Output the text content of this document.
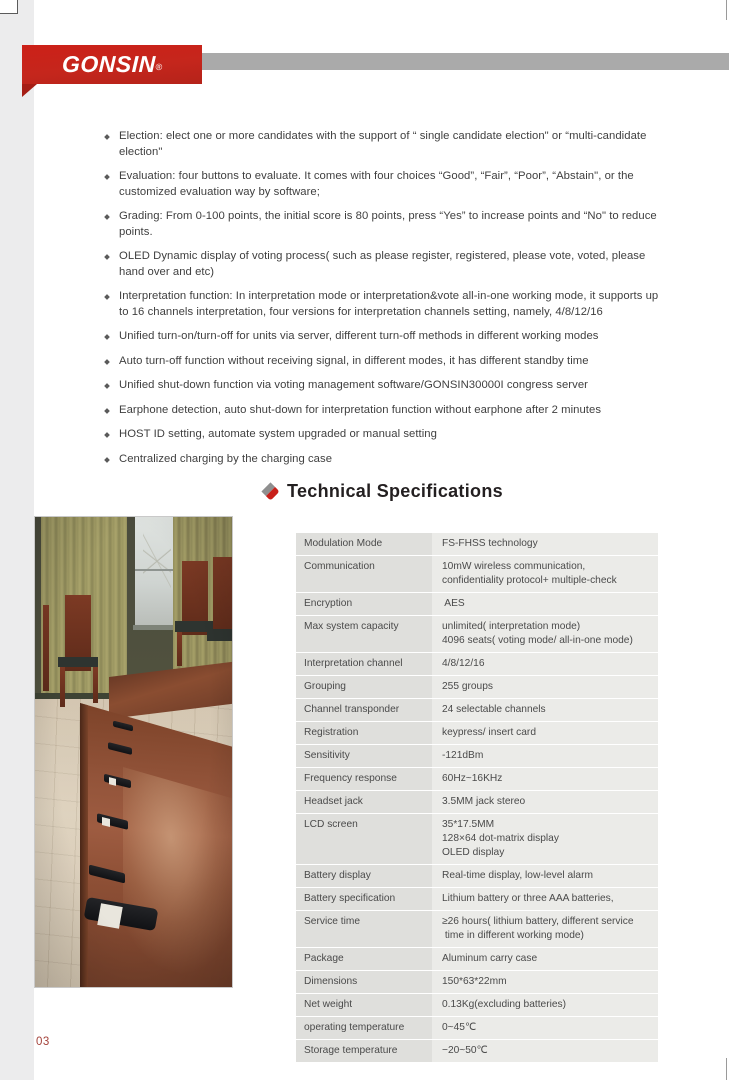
GONSIN®
Election: elect one or more candidates with the support of “ single candidate election" or “multi-candidate election"
Evaluation: four buttons to evaluate. It comes with four choices “Good”, “Fair”, “Poor”, “Abstain", or the customized evaluation way by software;
Grading: From 0-100 points, the initial score is 80 points, press “Yes” to increase points and “No" to reduce points.
OLED Dynamic display of voting process( such as please register, registered, please vote, voted, please hand over and etc)
Interpretation function: In interpretation mode or interpretation&vote all-in-one working mode, it supports up to 16 channels interpretation, four versions for interpretation channels setting, namely, 4/8/12/16
Unified turn-on/turn-off for units via server, different turn-off methods in different working modes
Auto turn-off function without receiving signal, in different modes, it has different standby time
Unified shut-down function via voting management software/GONSIN30000I congress server
Earphone detection, auto shut-down for interpretation function without earphone after 2 minutes
HOST ID setting, automate system upgraded or manual setting
Centralized charging by the charging case
Technical Specifications
Modulation Mode	FS-FHSS technology

Communication	10mW wireless communication,
confidentiality protocol+ multiple-check

Encryption	AES

Max system capacity	unlimited( interpretation mode)
4096 seats( voting mode/ all-in-one mode)

Interpretation channel	4/8/12/16

Grouping	255 groups

Channel transponder	24 selectable channels

Registration	keypress/ insert card

Sensitivity	-121dBm

Frequency response	60Hz~16KHz

Headset jack	3.5MM jack stereo

LCD screen	35*17.5MM
128×64 dot-matrix display
OLED display

Battery display	Real-time display, low-level alarm

Battery specification	Lithium battery or three AAA batteries,

Service time	≥26 hours( lithium battery, different service
time in different working mode)

Package	Aluminum carry case

Dimensions	150*63*22mm

Net weight	0.13Kg(excluding batteries)

operating temperature	0~45℃

Storage temperature	−20~50℃
03
